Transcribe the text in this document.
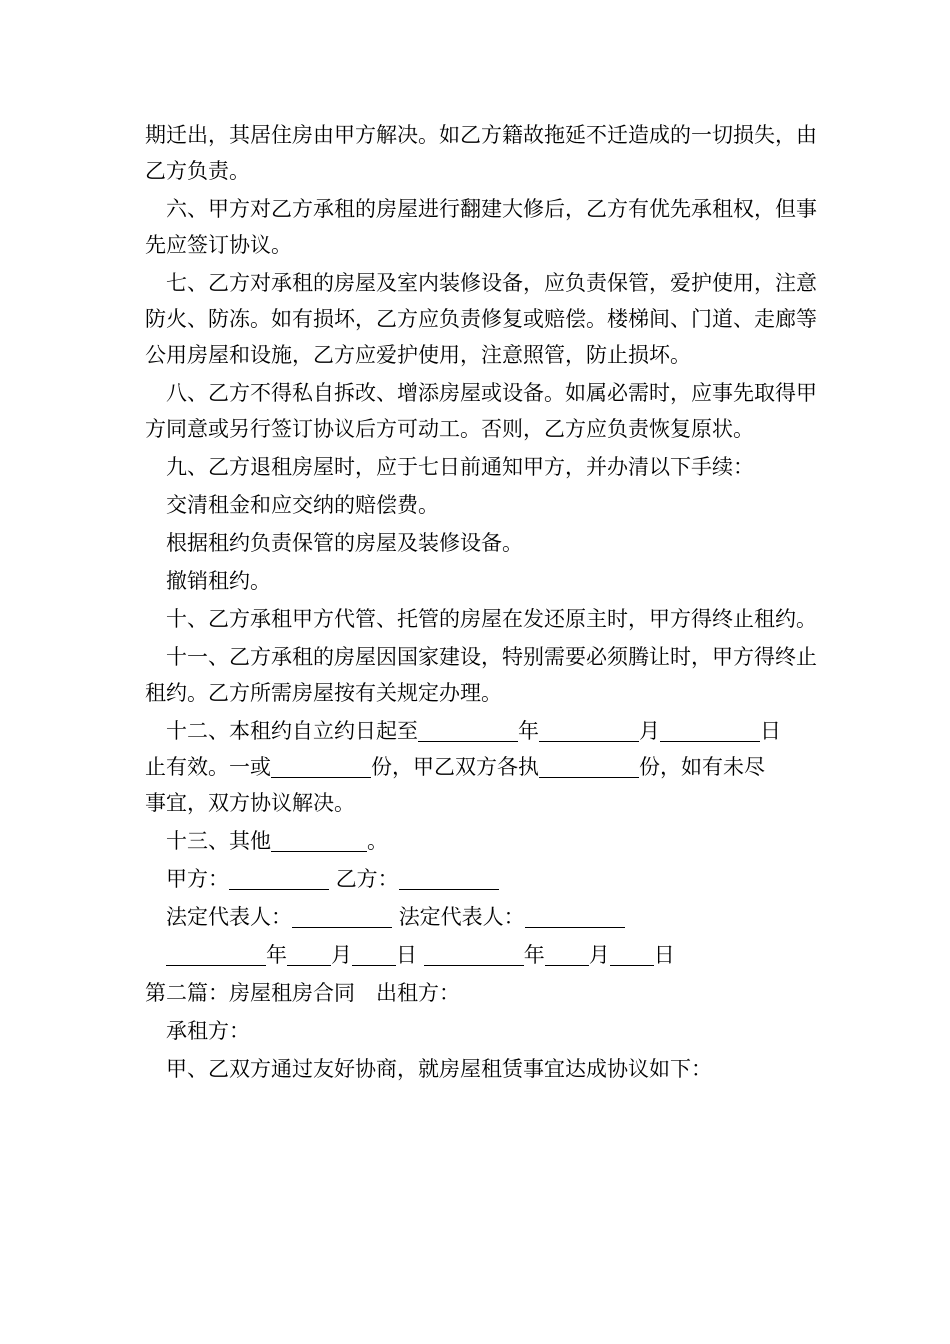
期迁出，其居住房由甲方解决。如乙方籍故拖延不迁造成的一切损失，由乙方负责。

六、甲方对乙方承租的房屋进行翻建大修后，乙方有优先承租权，但事先应签订协议。

七、乙方对承租的房屋及室内装修设备，应负责保管，爱护使用，注意防火、防冻。如有损坏，乙方应负责修复或赔偿。楼梯间、门道、走廊等公用房屋和设施，乙方应爱护使用，注意照管，防止损坏。

八、乙方不得私自拆改、增添房屋或设备。如属必需时，应事先取得甲方同意或另行签订协议后方可动工。否则，乙方应负责恢复原状。

九、乙方退租房屋时，应于七日前通知甲方，并办清以下手续：

交清租金和应交纳的赔偿费。

根据租约负责保管的房屋及装修设备。

撤销租约。

十、乙方承租甲方代管、托管的房屋在发还原主时，甲方得终止租约。

十一、乙方承租的房屋因国家建设，特别需要必须腾让时，甲方得终止租约。乙方所需房屋按有关规定办理。

十二、本租约自立约日起至	年	月	日
止有效。一或	份，甲乙双方各执	份，如有未尽
事宜，双方协议解决。
十三、其他	。
甲方：	乙方：
法定代表人：	法定代表人：
年 月 日	年 月 日
第二篇：房屋租房合同　出租方：
承租方：
甲、乙双方通过友好协商，就房屋租赁事宜达成协议如下：
